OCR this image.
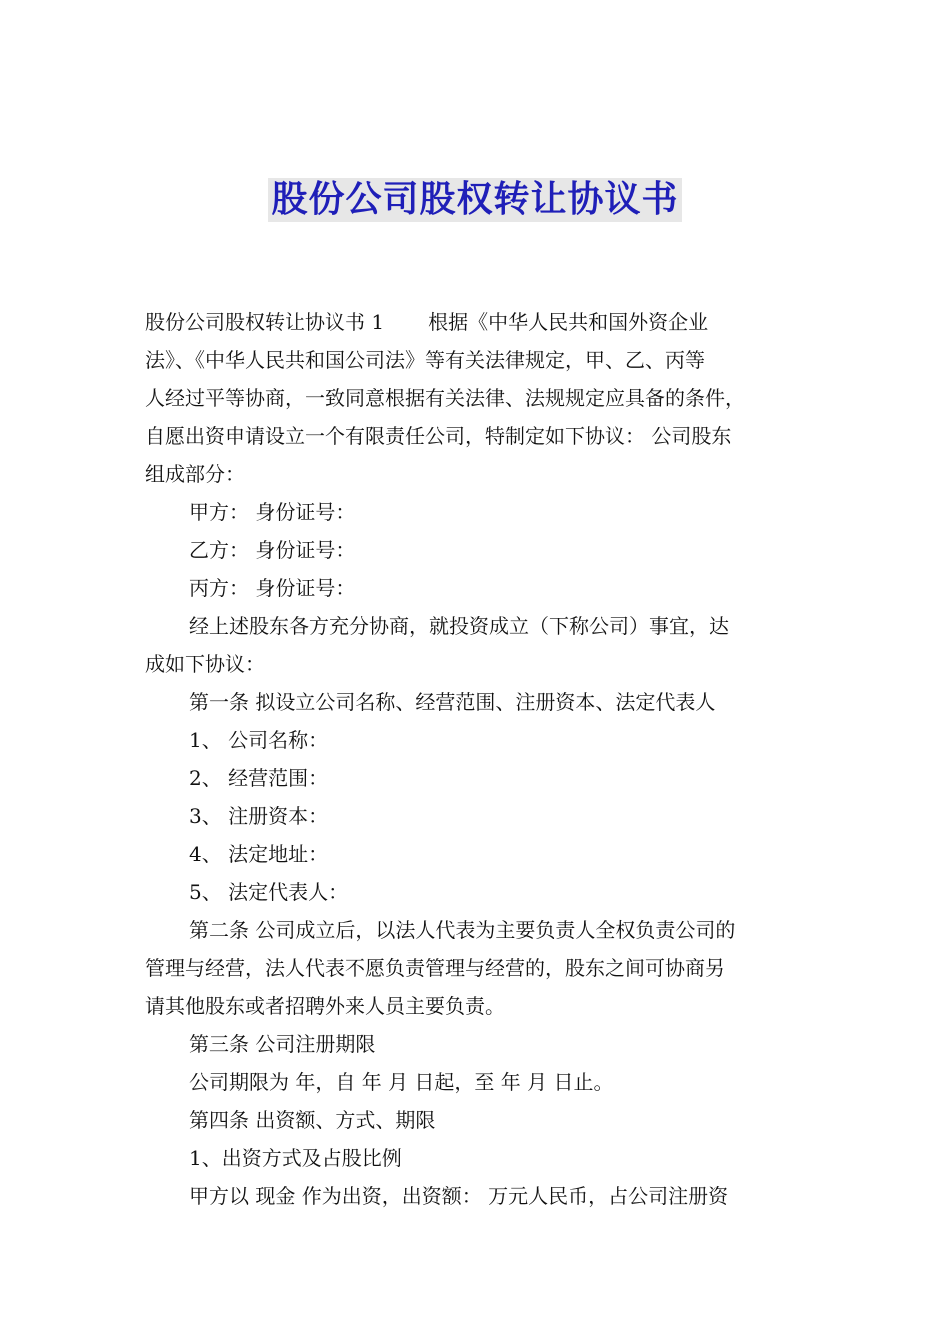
股份公司股权转让协议书
股份公司股权转让协议书 1 根据《中华人民共和国外资企业
法》、《中华人民共和国公司法》等有关法律规定，甲、乙、丙等
人经过平等协商，一致同意根据有关法律、法规规定应具备的条件，
自愿出资申请设立一个有限责任公司，特制定如下协议： 公司股东
组成部分：
甲方： 身份证号：
乙方： 身份证号：
丙方： 身份证号：
经上述股东各方充分协商，就投资成立（下称公司）事宜，达
成如下协议：
第一条 拟设立公司名称、经营范围、注册资本、法定代表人
1、 公司名称：
2、 经营范围：
3、 注册资本：
4、 法定地址：
5、 法定代表人：
第二条 公司成立后，以法人代表为主要负责人全权负责公司的
管理与经营，法人代表不愿负责管理与经营的，股东之间可协商另
请其他股东或者招聘外来人员主要负责。
第三条 公司注册期限
公司期限为 年，自 年 月 日起，至 年 月 日止。
第四条 出资额、方式、期限
1、出资方式及占股比例
甲方以 现金 作为出资，出资额： 万元人民币，占公司注册资
